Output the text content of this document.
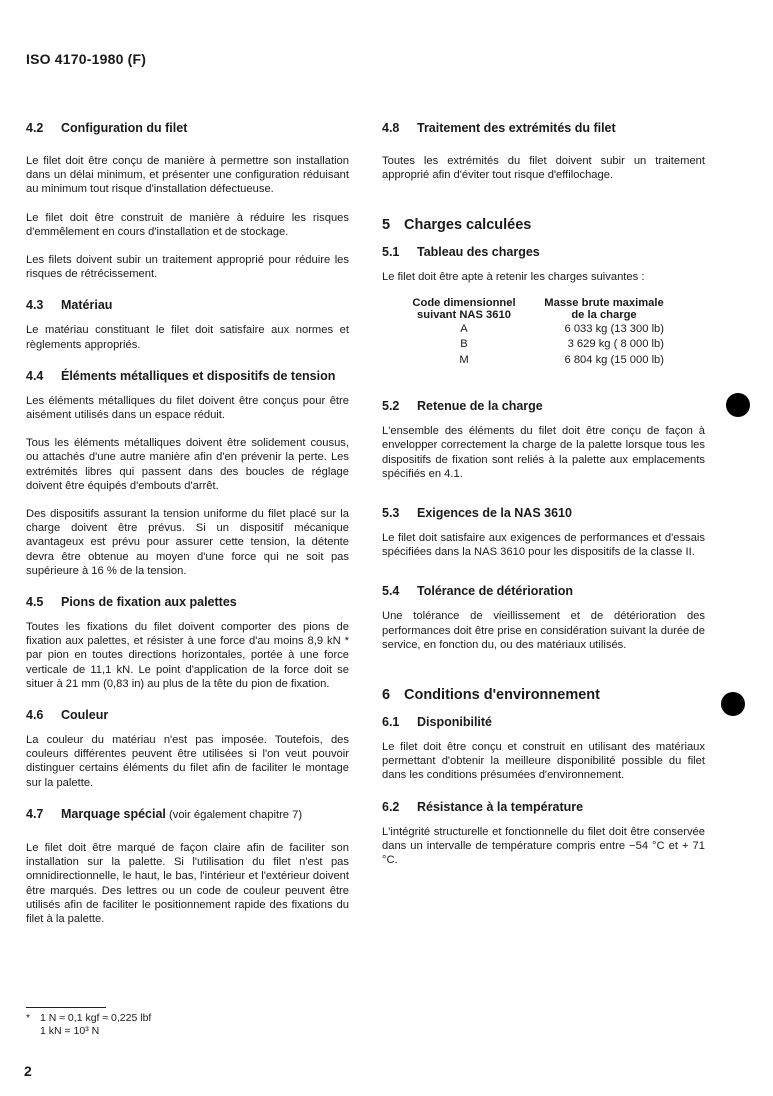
ISO 4170-1980 (F)
4.2 Configuration du filet

Le filet doit être conçu de manière à permettre son installation dans un délai minimum, et présenter une configuration réduisant au minimum tout risque d'installation défectueuse.

Le filet doit être construit de manière à réduire les risques d'emmêlement en cours d'installation et de stockage.

Les filets doivent subir un traitement approprié pour réduire les risques de rétrécissement.

4.3 Matériau

Le matériau constituant le filet doit satisfaire aux normes et règlements appropriés.

4.4 Éléments métalliques et dispositifs de tension

Les éléments métalliques du filet doivent être conçus pour être aisément utilisés dans un espace réduit.

Tous les éléments métalliques doivent être solidement cousus, ou attachés d'une autre manière afin d'en prévenir la perte. Les extrémités libres qui passent dans des boucles de réglage doivent être équipés d'embouts d'arrêt.

Des dispositifs assurant la tension uniforme du filet placé sur la charge doivent être prévus. Si un dispositif mécanique avantageux est prévu pour assurer cette tension, la détente devra être obtenue au moyen d'une force qui ne soit pas supérieure à 16 % de la tension.

4.5 Pions de fixation aux palettes

Toutes les fixations du filet doivent comporter des pions de fixation aux palettes, et résister à une force d'au moins 8,9 kN * par pion en toutes directions horizontales, portée à une force verticale de 11,1 kN. Le point d'application de la force doit se situer à 21 mm (0,83 in) au plus de la tête du pion de fixation.

4.6 Couleur

La couleur du matériau n'est pas imposée. Toutefois, des couleurs différentes peuvent être utilisées si l'on veut pouvoir distinguer certains éléments du filet afin de faciliter le montage sur la palette.

4.7 Marquage spécial (voir également chapitre 7)

Le filet doit être marqué de façon claire afin de faciliter son installation sur la palette. Si l'utilisation du filet n'est pas omnidirectionnelle, le haut, le bas, l'intérieur et l'extérieur doivent être marqués. Des lettres ou un code de couleur peuvent être utilisés afin de faciliter le positionnement rapide des fixations du filet à la palette.

4.8 Traitement des extrémités du filet

Toutes les extrémités du filet doivent subir un traitement approprié afin d'éviter tout risque d'effilochage.

5 Charges calculées
5.1 Tableau des charges

Le filet doit être apte à retenir les charges suivantes :

Code dimensionnel
suivant NAS 3610	Masse brute maximale
de la charge
A	6 033 kg (13 300 lb)
B	3 629 kg ( 8 000 lb)
M	6 804 kg (15 000 lb)
5.2 Retenue de la charge

L'ensemble des éléments du filet doit être conçu de façon à envelopper correctement la charge de la palette lorsque tous les dispositifs de fixation sont reliés à la palette aux emplacements spécifiés en 4.1.

5.3 Exigences de la NAS 3610

Le filet doit satisfaire aux exigences de performances et d'essais spécifiées dans la NAS 3610 pour les dispositifs de la classe II.

5.4 Tolérance de détérioration

Une tolérance de vieillissement et de détérioration des performances doit être prise en considération suivant la durée de service, en fonction du, ou des matériaux utilisés.

6 Conditions d'environnement
6.1 Disponibilité

Le filet doit être conçu et construit en utilisant des matériaux permettant d'obtenir la meilleure disponibilité possible du filet dans les conditions présumées d'environnement.

6.2 Résistance à la température

L'intégrité structurelle et fonctionnelle du filet doit être conservée dans un intervalle de température compris entre −54 °C et + 71 °C.

* 1 N ≈ 0,1 kgf ≈ 0,225 lbf
1 kN = 10³ N
2
